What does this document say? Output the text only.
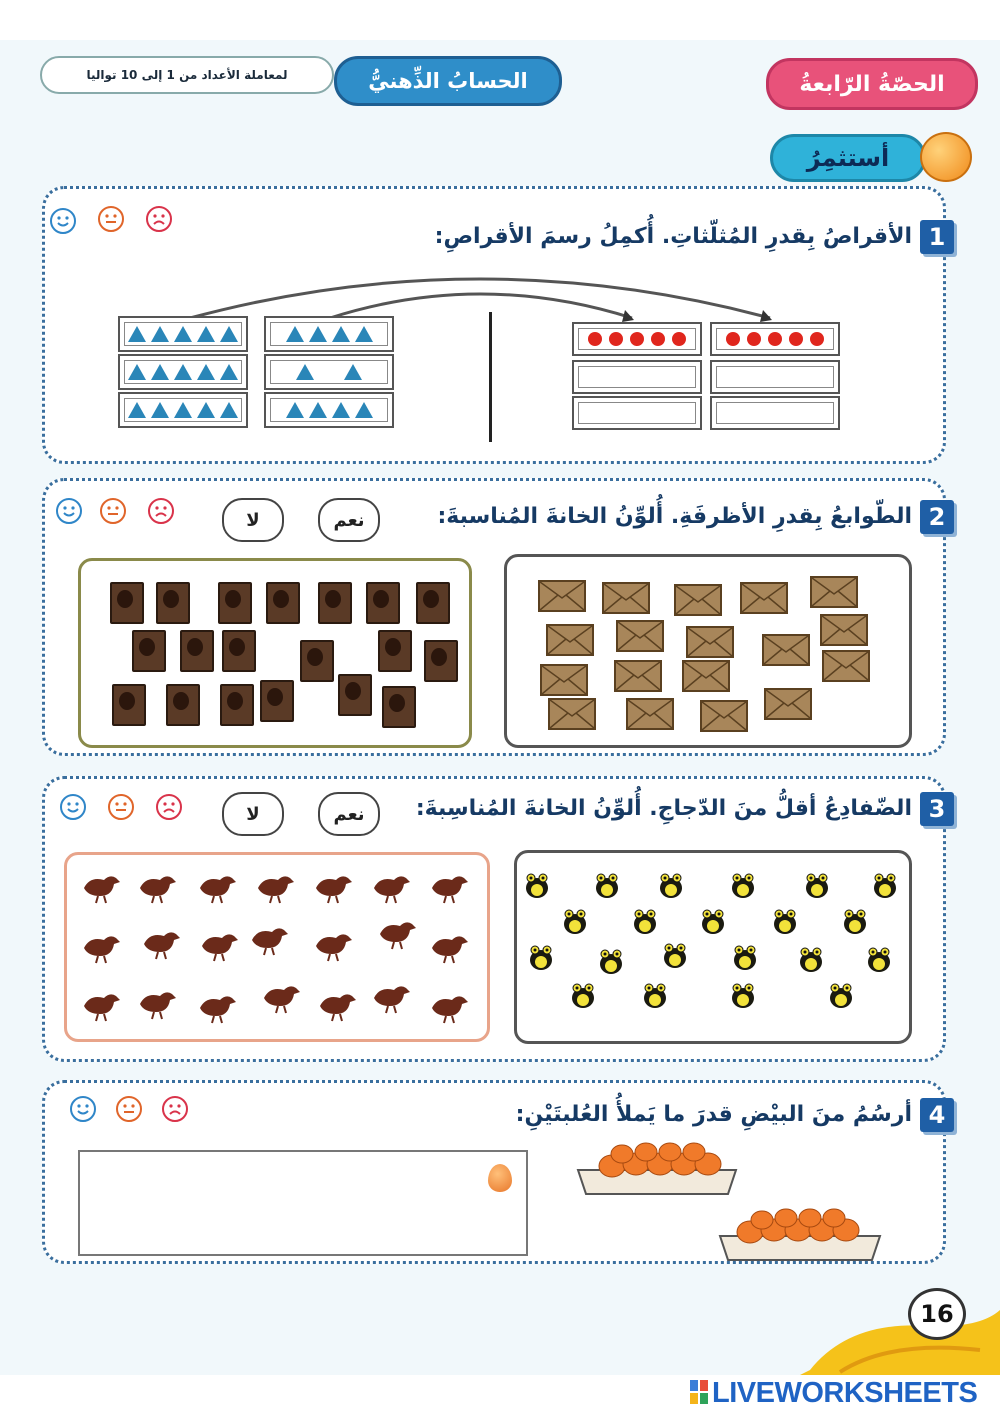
الحصّةُ الرّابعةُ
الحسابُ الذِّهنيُّ
لمعاملة الأعداد من 1 إلى 10 تواليا
أستثمِرُ
1
الأقراصُ بِقدرِ المُثلّثاتِ. أُكمِلُ رسمَ الأقراصِ:
2
الطّوابعُ بِقدرِ الأظرفَةِ. أُلوِّنُ الخانةَ المُناسبةَ:
نعم
لا
3
الضّفادِعُ أقلُّ منَ الدّجاجِ. أُلوِّنُ الخانةَ المُناسِبةَ:
نعم
لا
4
أرسُمُ منَ البيْضِ قدرَ ما يَملأُ العُلبتَيْنِ:
16
LIVEWORKSHEETS
